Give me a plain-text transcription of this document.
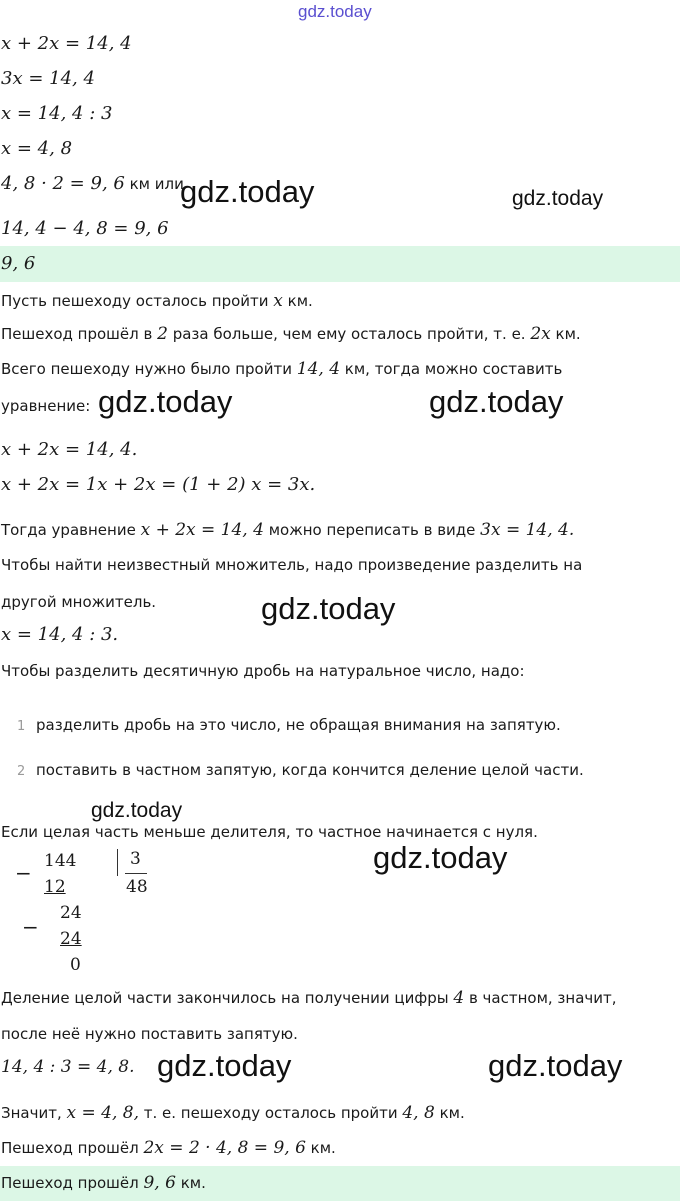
gdz.today
gdz.today	gdz.today
gdz.today	gdz.today
gdz.today
gdz.today
gdz.today
gdz.today	gdz.today
x + 2x = 14, 4
3x = 14, 4
x = 14, 4 : 3
x = 4, 8
4, 8 · 2 = 9, 6 км или
14, 4 − 4, 8 = 9, 6
9, 6
Пусть пешеходу осталось пройти x км.
Пешеход прошёл в 2 раза больше, чем ему осталось пройти, т. е. 2x км.
Всего пешеходу нужно было пройти 14, 4 км, тогда можно составить
уравнение:
x + 2x = 14, 4.
x + 2x = 1x + 2x = (1 + 2) x = 3x.
Тогда уравнение x + 2x = 14, 4 можно переписать в виде 3x = 14, 4.
Чтобы найти неизвестный множитель, надо произведение разделить на
другой множитель.
x = 14, 4 : 3.
Чтобы разделить десятичную дробь на натуральное число, надо:
1 разделить дробь на это число, не обращая внимания на запятую.
2 поставить в частном запятую, когда кончится деление целой части.
Если целая часть меньше делителя, то частное начинается с нуля.
− 144
12
3
48
−
24
24
0
Деление целой части закончилось на получении цифры 4 в частном, значит,
после неё нужно поставить запятую.
14, 4 : 3 = 4, 8.
Значит, x = 4, 8, т. е. пешеходу осталось пройти 4, 8 км.
Пешеход прошёл 2x = 2 · 4, 8 = 9, 6 км.
Пешеход прошёл 9, 6 км.
